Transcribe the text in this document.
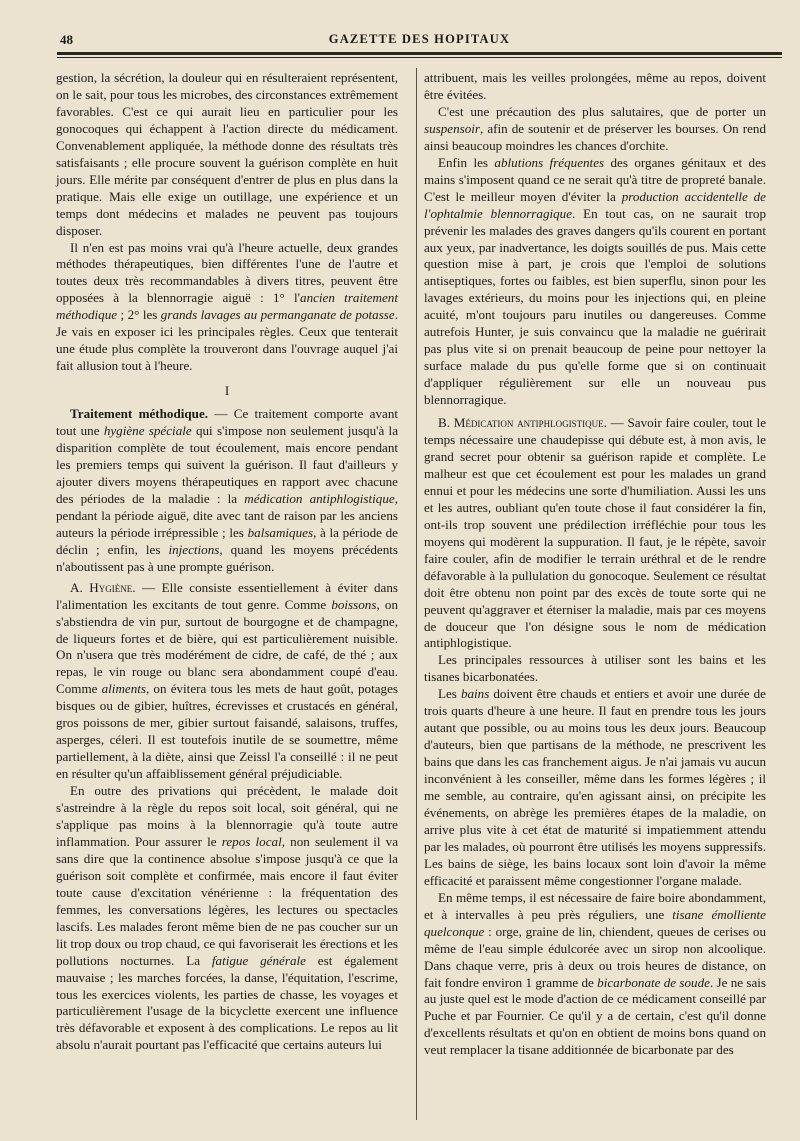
48	GAZETTE DES HOPITAUX

gestion, la sécrétion, la douleur qui en résulteraient représentent, on le sait, pour tous les microbes, des circonstances extrêmement favorables. C'est ce qui aurait lieu en particulier pour les gonocoques qui échappent à l'action directe du médicament. Convenablement appliquée, la méthode donne des résultats très satisfaisants ; elle procure souvent la guérison complète en huit jours. Elle mérite par conséquent d'entrer de plus en plus dans la pratique. Mais elle exige un outillage, une expérience et un temps dont médecins et malades ne peuvent pas toujours disposer.

Il n'en est pas moins vrai qu'à l'heure actuelle, deux grandes méthodes thérapeutiques, bien différentes l'une de l'autre et toutes deux très recommandables à divers titres, peuvent être opposées à la blennorragie aiguë : 1° l'ancien traitement méthodique ; 2° les grands lavages au permanganate de potasse. Je vais en exposer ici les principales règles. Ceux que tenterait une étude plus complète la trouveront dans l'ouvrage auquel j'ai fait allusion tout à l'heure.

I

Traitement méthodique. — Ce traitement comporte avant tout une hygiène spéciale qui s'impose non seulement jusqu'à la disparition complète de tout écoulement, mais encore pendant les premiers temps qui suivent la guérison. Il faut d'ailleurs y ajouter divers moyens thérapeutiques en rapport avec chacune des périodes de la maladie : la médication antiphlogistique, pendant la période aiguë, dite avec tant de raison par les anciens auteurs la période irrépressible ; les balsamiques, à la période de déclin ; enfin, les injections, quand les moyens précédents n'aboutissent pas à une prompte guérison.

A. Hygiène. — Elle consiste essentiellement à éviter dans l'alimentation les excitants de tout genre. Comme boissons, on s'abstiendra de vin pur, surtout de bourgogne et de champagne, de liqueurs fortes et de bière, qui est particulièrement nuisible. On n'usera que très modérément de cidre, de café, de thé ; aux repas, le vin rouge ou blanc sera abondamment coupé d'eau. Comme aliments, on évitera tous les mets de haut goût, potages bisques ou de gibier, huîtres, écrevisses et crustacés en général, gros poissons de mer, gibier surtout faisandé, salaisons, truffes, asperges, céleri. Il est toutefois inutile de se soumettre, même partiellement, à la diète, ainsi que Zeissl l'a conseillé : il ne peut en résulter qu'un affaiblissement général préjudiciable.

En outre des privations qui précèdent, le malade doit s'astreindre à la règle du repos soit local, soit général, qui ne s'applique pas moins à la blennorragie qu'à toute autre inflammation. Pour assurer le repos local, non seulement il va sans dire que la continence absolue s'impose jusqu'à ce que la guérison soit complète et confirmée, mais encore il faut éviter toute cause d'excitation vénérienne : la fréquentation des femmes, les conversations légères, les lectures ou spectacles lascifs. Les malades feront même bien de ne pas coucher sur un lit trop doux ou trop chaud, ce qui favoriserait les érections et les pollutions nocturnes. La fatigue générale est également mauvaise ; les marches forcées, la danse, l'équitation, l'escrime, tous les exercices violents, les parties de chasse, les voyages et particulièrement l'usage de la bicyclette exercent une influence très défavorable et exposent à des complications. Le repos au lit absolu n'aurait pourtant pas l'efficacité que certains auteurs lui

attribuent, mais les veilles prolongées, même au repos, doivent être évitées.

C'est une précaution des plus salutaires, que de porter un suspensoir, afin de soutenir et de préserver les bourses. On rend ainsi beaucoup moindres les chances d'orchite.

Enfin les ablutions fréquentes des organes génitaux et des mains s'imposent quand ce ne serait qu'à titre de propreté banale. C'est le meilleur moyen d'éviter la production accidentelle de l'ophtalmie blennorragique. En tout cas, on ne saurait trop prévenir les malades des graves dangers qu'ils courent en portant aux yeux, par inadvertance, les doigts souillés de pus. Mais cette question mise à part, je crois que l'emploi de solutions antiseptiques, fortes ou faibles, est bien superflu, sinon pour les lavages extérieurs, du moins pour les injections qui, en pleine acuité, m'ont toujours paru inutiles ou dangereuses. Comme autrefois Hunter, je suis convaincu que la maladie ne guérirait pas plus vite si on prenait beaucoup de peine pour nettoyer la surface malade du pus qu'elle forme que si on continuait d'appliquer régulièrement sur elle un nouveau pus blennorragique.

B. Médication antiphlogistique. — Savoir faire couler, tout le temps nécessaire une chaudepisse qui débute est, à mon avis, le grand secret pour obtenir sa guérison rapide et complète. Le malheur est que cet écoulement est pour les malades un grand ennui et pour les médecins une sorte d'humiliation. Aussi les uns et les autres, oubliant qu'en toute chose il faut considérer la fin, ont-ils trop souvent une prédilection irréfléchie pour tous les moyens qui modèrent la suppuration. Il faut, je le répète, savoir faire couler, afin de modifier le terrain uréthral et de le rendre défavorable à la pullulation du gonocoque. Seulement ce résultat doit être obtenu non point par des excès de toute sorte qui ne peuvent qu'aggraver et éterniser la maladie, mais par ces moyens de douceur que l'on désigne sous le nom de médication antiphlogistique.

Les principales ressources à utiliser sont les bains et les tisanes bicarbonatées.

Les bains doivent être chauds et entiers et avoir une durée de trois quarts d'heure à une heure. Il faut en prendre tous les jours autant que possible, ou au moins tous les deux jours. Beaucoup d'auteurs, bien que partisans de la méthode, ne prescrivent les bains que dans les cas franchement aigus. Je n'ai jamais vu aucun inconvénient à les conseiller, même dans les formes légères ; il me semble, au contraire, qu'en agissant ainsi, on précipite les événements, on abrège les premières étapes de la maladie, on arrive plus vite à cet état de maturité si impatiemment attendu par les malades, où pourront être utilisés les moyens suppressifs. Les bains de siège, les bains locaux sont loin d'avoir la même efficacité et paraissent même congestionner l'organe malade.

En même temps, il est nécessaire de faire boire abondamment, et à intervalles à peu près réguliers, une tisane émolliente quelconque : orge, graine de lin, chiendent, queues de cerises ou même de l'eau simple édulcorée avec un sirop non alcoolique. Dans chaque verre, pris à deux ou trois heures de distance, on fait fondre environ 1 gramme de bicarbonate de soude. Je ne sais au juste quel est le mode d'action de ce médicament conseillé par Puche et par Fournier. Ce qu'il y a de certain, c'est qu'il donne d'excellents résultats et qu'on en obtient de moins bons quand on veut remplacer la tisane additionnée de bicarbonate par des
